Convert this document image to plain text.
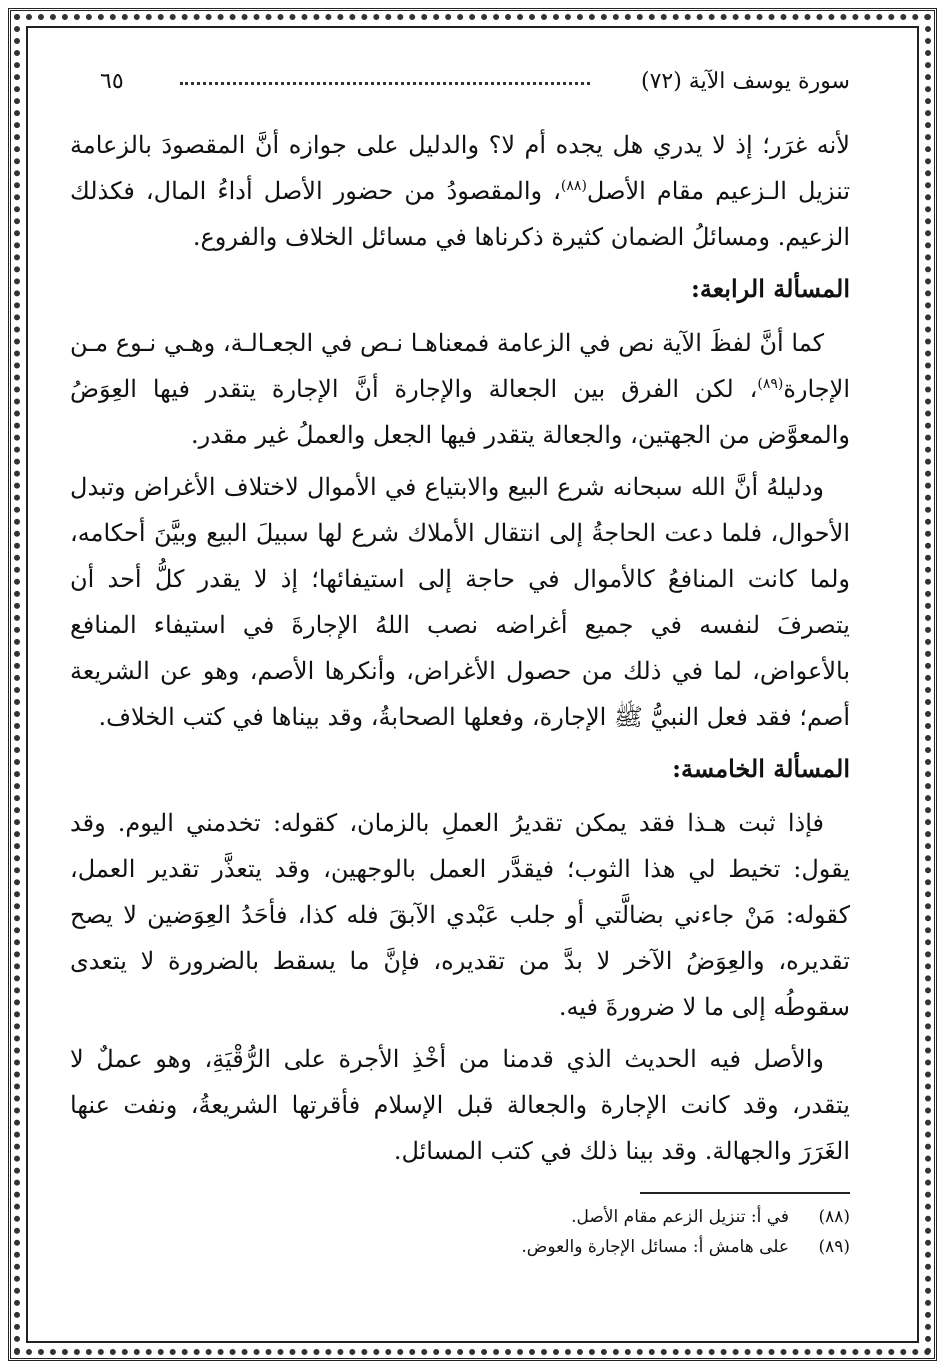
سورة يوسف الآية (٧٢)
٦٥

لأنه غرَر؛ إذ لا يدري هل يجده أم لا؟ والدليل على جوازه أنَّ المقصودَ بالزعامة تنزيل الـزعيم مقام الأصل$^{(٨٨)}$، والمقصودُ من حضور الأصل أداءُ المال، فكذلك الزعيم. ومسائلُ الضمان كثيرة ذكرناها في مسائل الخلاف والفروع.

المسألة الرابعة:

كما أنَّ لفظَ الآية نص في الزعامة فمعناهـا نـص في الجعـالـة، وهـي نـوع مـن الإجارة$^{(٨٩)}$، لكن الفرق بين الجعالة والإجارة أنَّ الإجارة يتقدر فيها العِوَضُ والمعوَّض من الجهتين، والجعالة يتقدر فيها الجعل والعملُ غير مقدر.

ودليلهُ أنَّ الله سبحانه شرع البيع والابتياع في الأموال لاختلاف الأغراض وتبدل الأحوال، فلما دعت الحاجةُ إلى انتقال الأملاك شرع لها سبيلَ البيع وبيَّنَ أحكامه، ولما كانت المنافعُ كالأموال في حاجة إلى استيفائها؛ إذ لا يقدر كلُّ أحد أن يتصرفَ لنفسه في جميع أغراضه نصب اللهُ الإجارةَ في استيفاء المنافع بالأعواض، لما في ذلك من حصول الأغراض، وأنكرها الأصم، وهو عن الشريعة أصم؛ فقد فعل النبيُّ ﷺ الإجارة، وفعلها الصحابةُ، وقد بيناها في كتب الخلاف.

المسألة الخامسة:

فإذا ثبت هـذا فقد يمكن تقديرُ العملِ بالزمان، كقوله: تخدمني اليوم. وقد يقول: تخيط لي هذا الثوب؛ فيقدَّر العمل بالوجهين، وقد يتعذَّر تقدير العمل، كقوله: مَنْ جاءني بضالَّتي أو جلب عَبْدي الآبقَ فله كذا، فأحَدُ العِوَضين لا يصح تقديره، والعِوَضُ الآخر لا بدَّ من تقديره، فإنَّ ما يسقط بالضرورة لا يتعدى سقوطُه إلى ما لا ضرورةَ فيه.

والأصل فيه الحديث الذي قدمنا من أخْذِ الأجرة على الرُّقْيَةِ، وهو عملٌ لا يتقدر، وقد كانت الإجارة والجعالة قبل الإسلام فأقرتها الشريعةُ، ونفت عنها الغَرَرَ والجهالة. وقد بينا ذلك في كتب المسائل.

(٨٨) في أ: تنزيل الزعم مقام الأصل.
(٨٩) على هامش أ: مسائل الإجارة والعوض.
